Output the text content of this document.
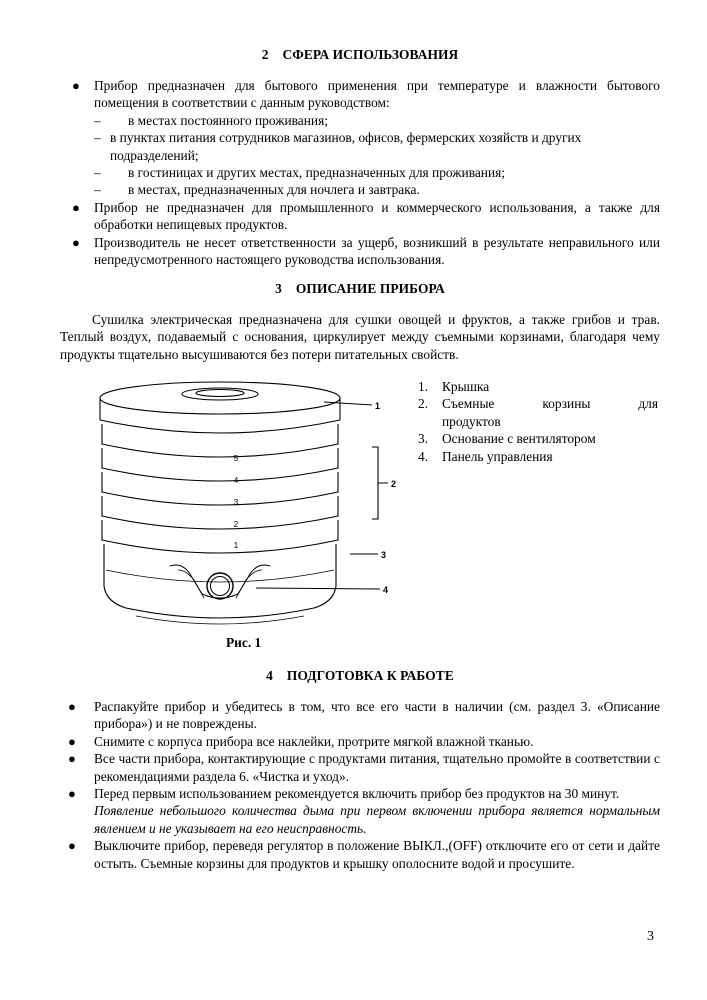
2 СФЕРА ИСПОЛЬЗОВАНИЯ
● Прибор предназначен для бытового применения при температуре и влажности бытового помещения в соответствии с данным руководством:
– в местах постоянного проживания;
– в пунктах питания сотрудников магазинов, офисов, фермерских хозяйств и других подразделений;
– в гостиницах и других местах, предназначенных для проживания;
– в местах, предназначенных для ночлега и завтрака.
● Прибор не предназначен для промышленного и коммерческого использования, а также для обработки непищевых продуктов.
● Производитель не несет ответственности за ущерб, возникший в результате неправильного или непредусмотренного настоящего руководства использования.
3 ОПИСАНИЕ ПРИБОРА

Сушилка электрическая предназначена для сушки овощей и фруктов, а также грибов и трав. Теплый воздух, подаваемый с основания, циркулирует между съемными корзинами, благодаря чему продукты тщательно высушиваются без потери питательных свойств.

5
4
3
2
1
1
2
3
4
Рис. 1
1. Крышка
2. Съемные	корзины	для
продуктов
3. Основание с вентилятором
4. Панель управления
4 ПОДГОТОВКА К РАБОТЕ
● Распакуйте прибор и убедитесь в том, что все его части в наличии (см. раздел 3. «Описание прибора») и не повреждены.
● Снимите с корпуса прибора все наклейки, протрите мягкой влажной тканью.
● Все части прибора, контактирующие с продуктами питания, тщательно промойте в соответствии с рекомендациями раздела 6. «Чистка и уход».
● Перед первым использованием рекомендуется включить прибор без продуктов на 30 минут.
Появление небольшого количества дыма при первом включении прибора является нормальным явлением и не указывает на его неисправность.
● Выключите прибор, переведя регулятор в положение ВЫКЛ.,(OFF) отключите его от сети и дайте остыть. Съемные корзины для продуктов и крышку ополосните водой и просушите.
3
